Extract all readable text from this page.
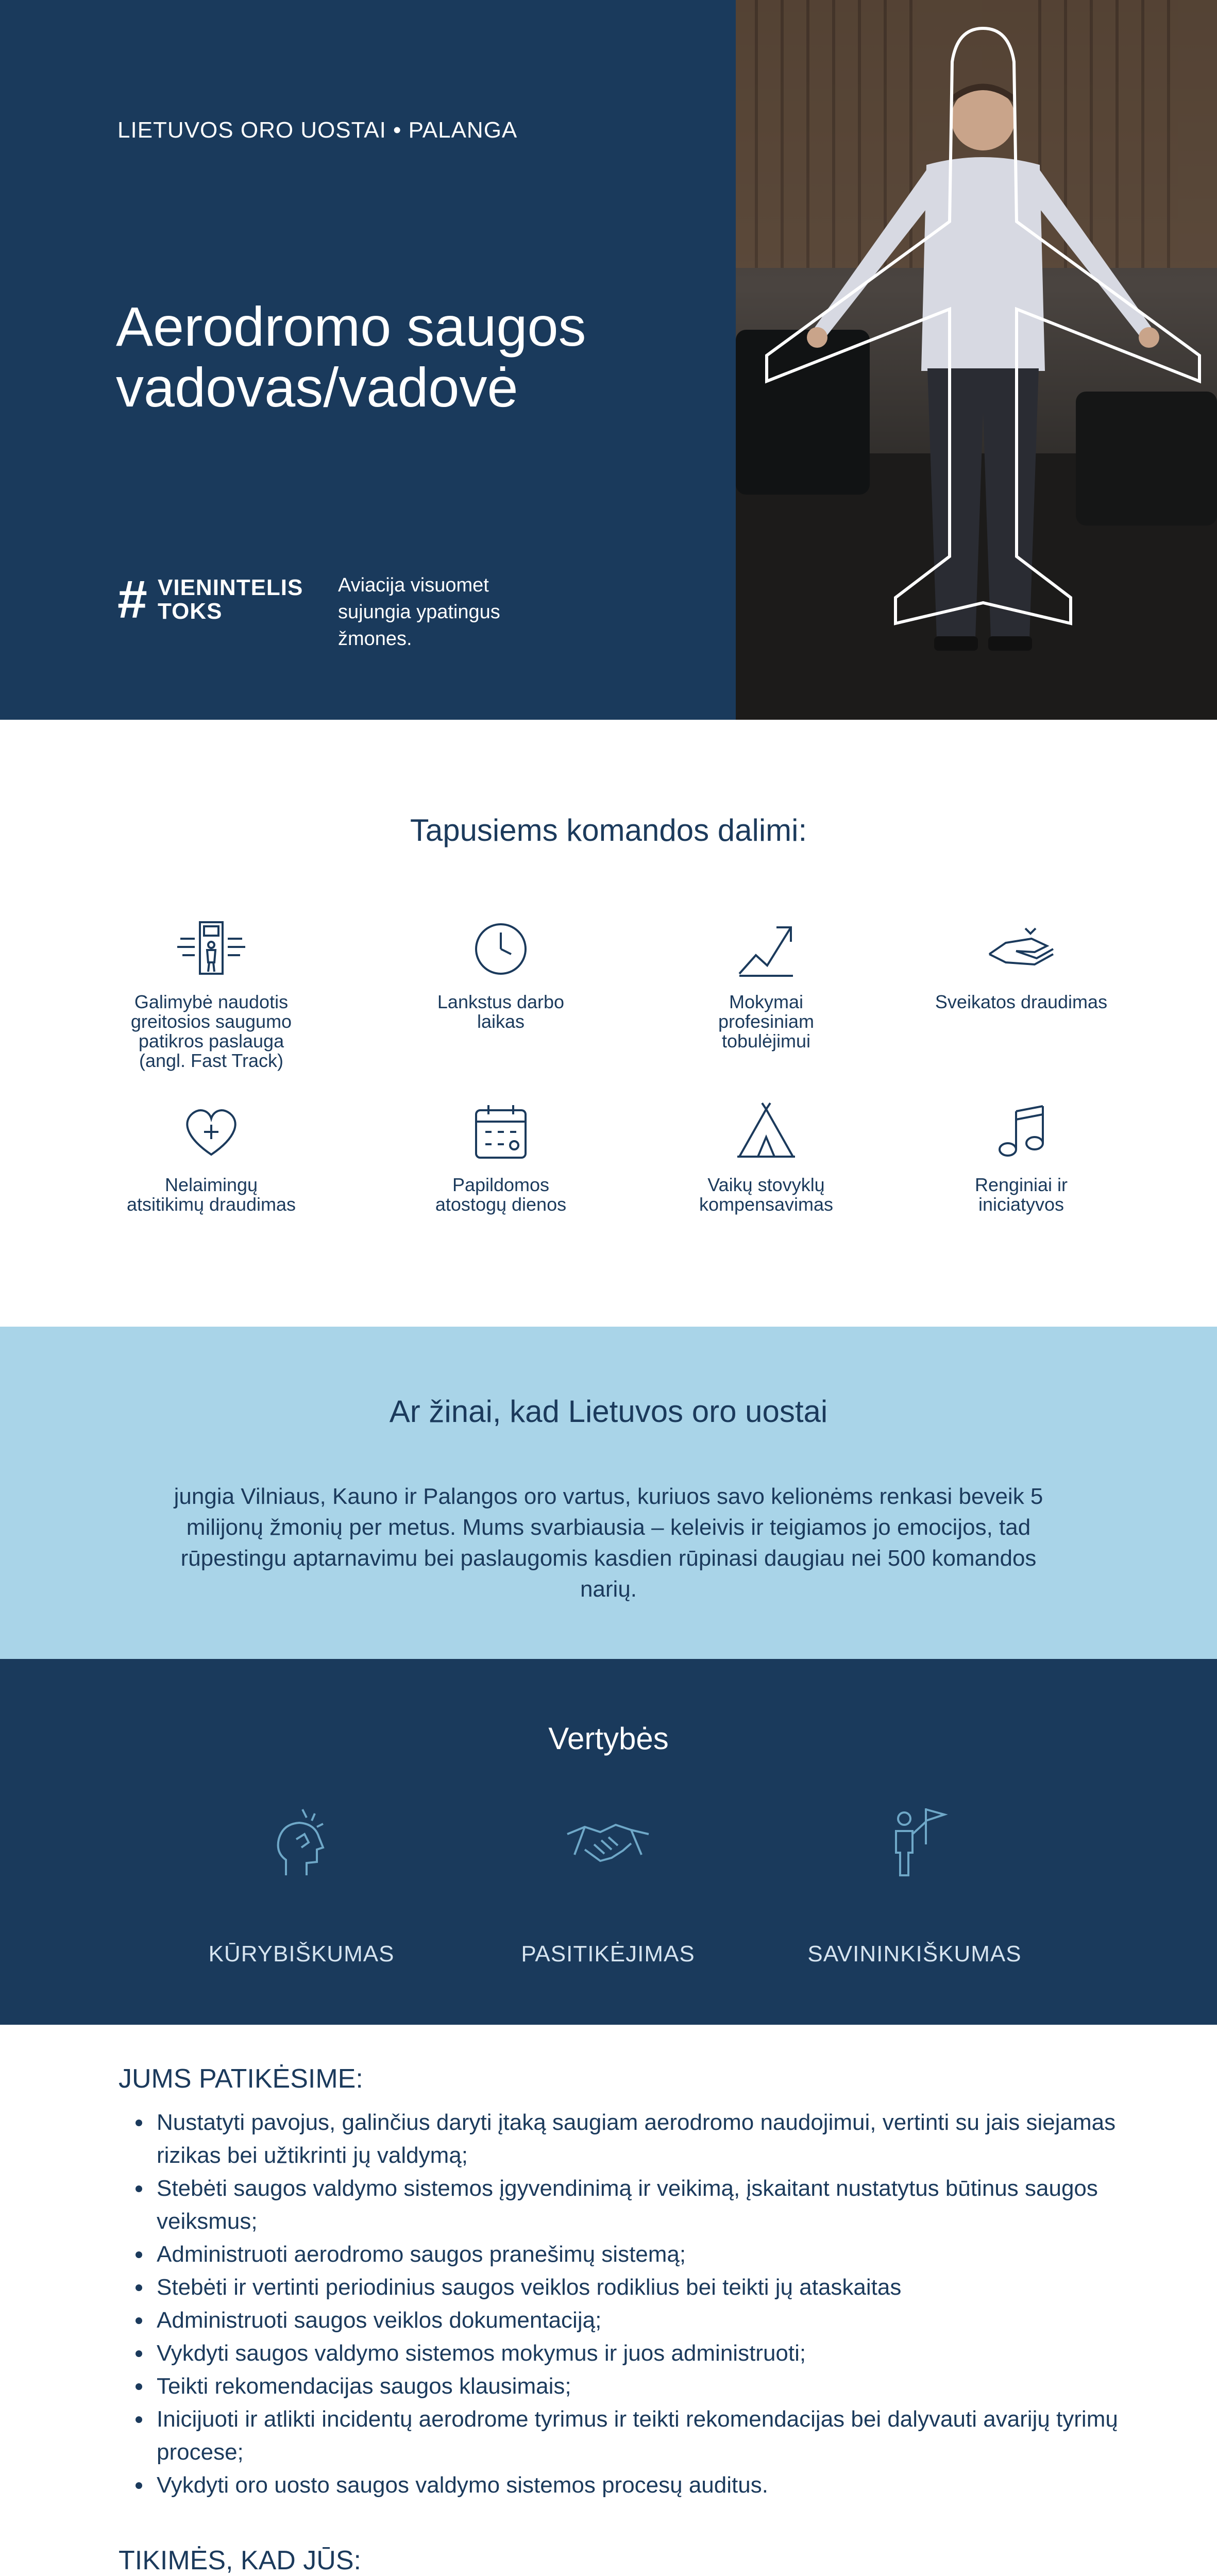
LIETUVOS ORO UOSTAI • PALANGA
Aerodromo saugos vadovas/vadovė
# VIENINTELIS
TOKS
Aviacija visuomet sujungia ypatingus žmones.
Tapusiems komandos dalimi:
Galimybė naudotis
greitosios saugumo
patikros paslauga
(angl. Fast Track)
Lankstus darbo
laikas
Mokymai
profesiniam
tobulėjimui
Sveikatos draudimas
Nelaimingų
atsitikimų draudimas
Papildomos
atostogų dienos
Vaikų stovyklų
kompensavimas
Renginiai ir
iniciatyvos
Ar žinai, kad Lietuvos oro uostai
jungia Vilniaus, Kauno ir Palangos oro vartus, kuriuos savo kelionėms renkasi beveik 5 milijonų žmonių per metus. Mums svarbiausia – keleivis ir teigiamos jo emocijos, tad rūpestingu aptarnavimu bei paslaugomis kasdien rūpinasi daugiau nei 500 komandos narių.
Vertybės
KŪRYBIŠKUMAS	PASITIKĖJIMAS	SAVININKIŠKUMAS
JUMS PATIKĖSIME:
• Nustatyti pavojus, galinčius daryti įtaką saugiam aerodromo naudojimui, vertinti su jais siejamas rizikas bei užtikrinti jų valdymą;
• Stebėti saugos valdymo sistemos įgyvendinimą ir veikimą, įskaitant nustatytus būtinus saugos veiksmus;
• Administruoti aerodromo saugos pranešimų sistemą;
• Stebėti ir vertinti periodinius saugos veiklos rodiklius bei teikti jų ataskaitas
• Administruoti saugos veiklos dokumentaciją;
• Vykdyti saugos valdymo sistemos mokymus ir juos administruoti;
• Teikti rekomendacijas saugos klausimais;
• Inicijuoti ir atlikti incidentų aerodrome tyrimus ir teikti rekomendacijas bei dalyvauti avarijų tyrimų procese;
• Vykdyti oro uosto saugos valdymo sistemos procesų auditus.
TIKIMĖS, KAD JŪS:
